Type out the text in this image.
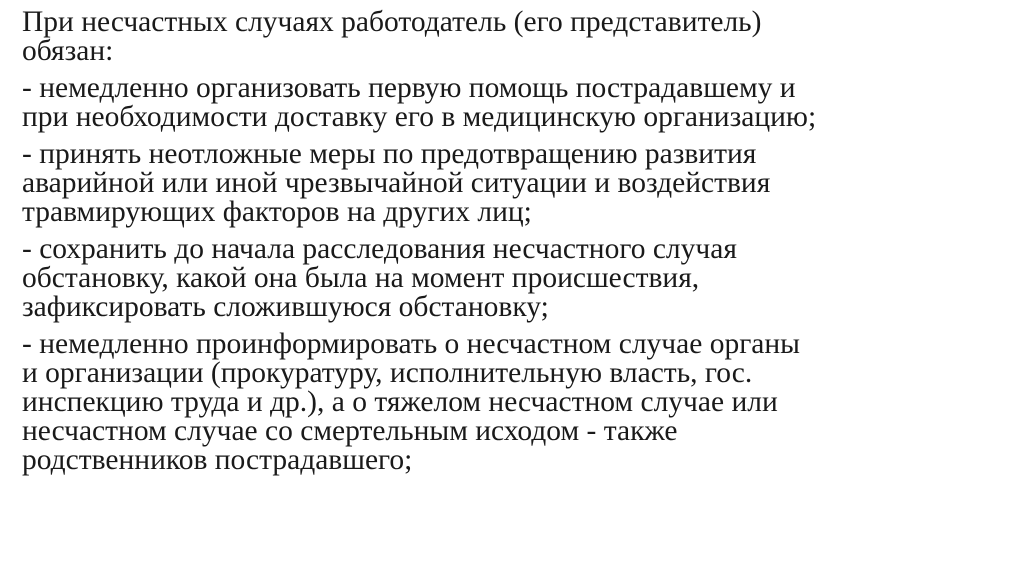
При несчастных случаях работодатель (его представитель)
обязан:

- немедленно организовать первую помощь пострадавшему и
при необходимости доставку его в медицинскую организацию;

- принять неотложные меры по предотвращению развития
аварийной или иной чрезвычайной ситуации и воздействия
травмирующих факторов на других лиц;

- сохранить до начала расследования несчастного случая
обстановку, какой она была на момент происшествия,
зафиксировать сложившуюся обстановку;

- немедленно проинформировать о несчастном случае органы
и организации (прокуратуру, исполнительную власть, гос.
инспекцию труда и др.), а о тяжелом несчастном случае или
несчастном случае со смертельным исходом - также
родственников пострадавшего;
